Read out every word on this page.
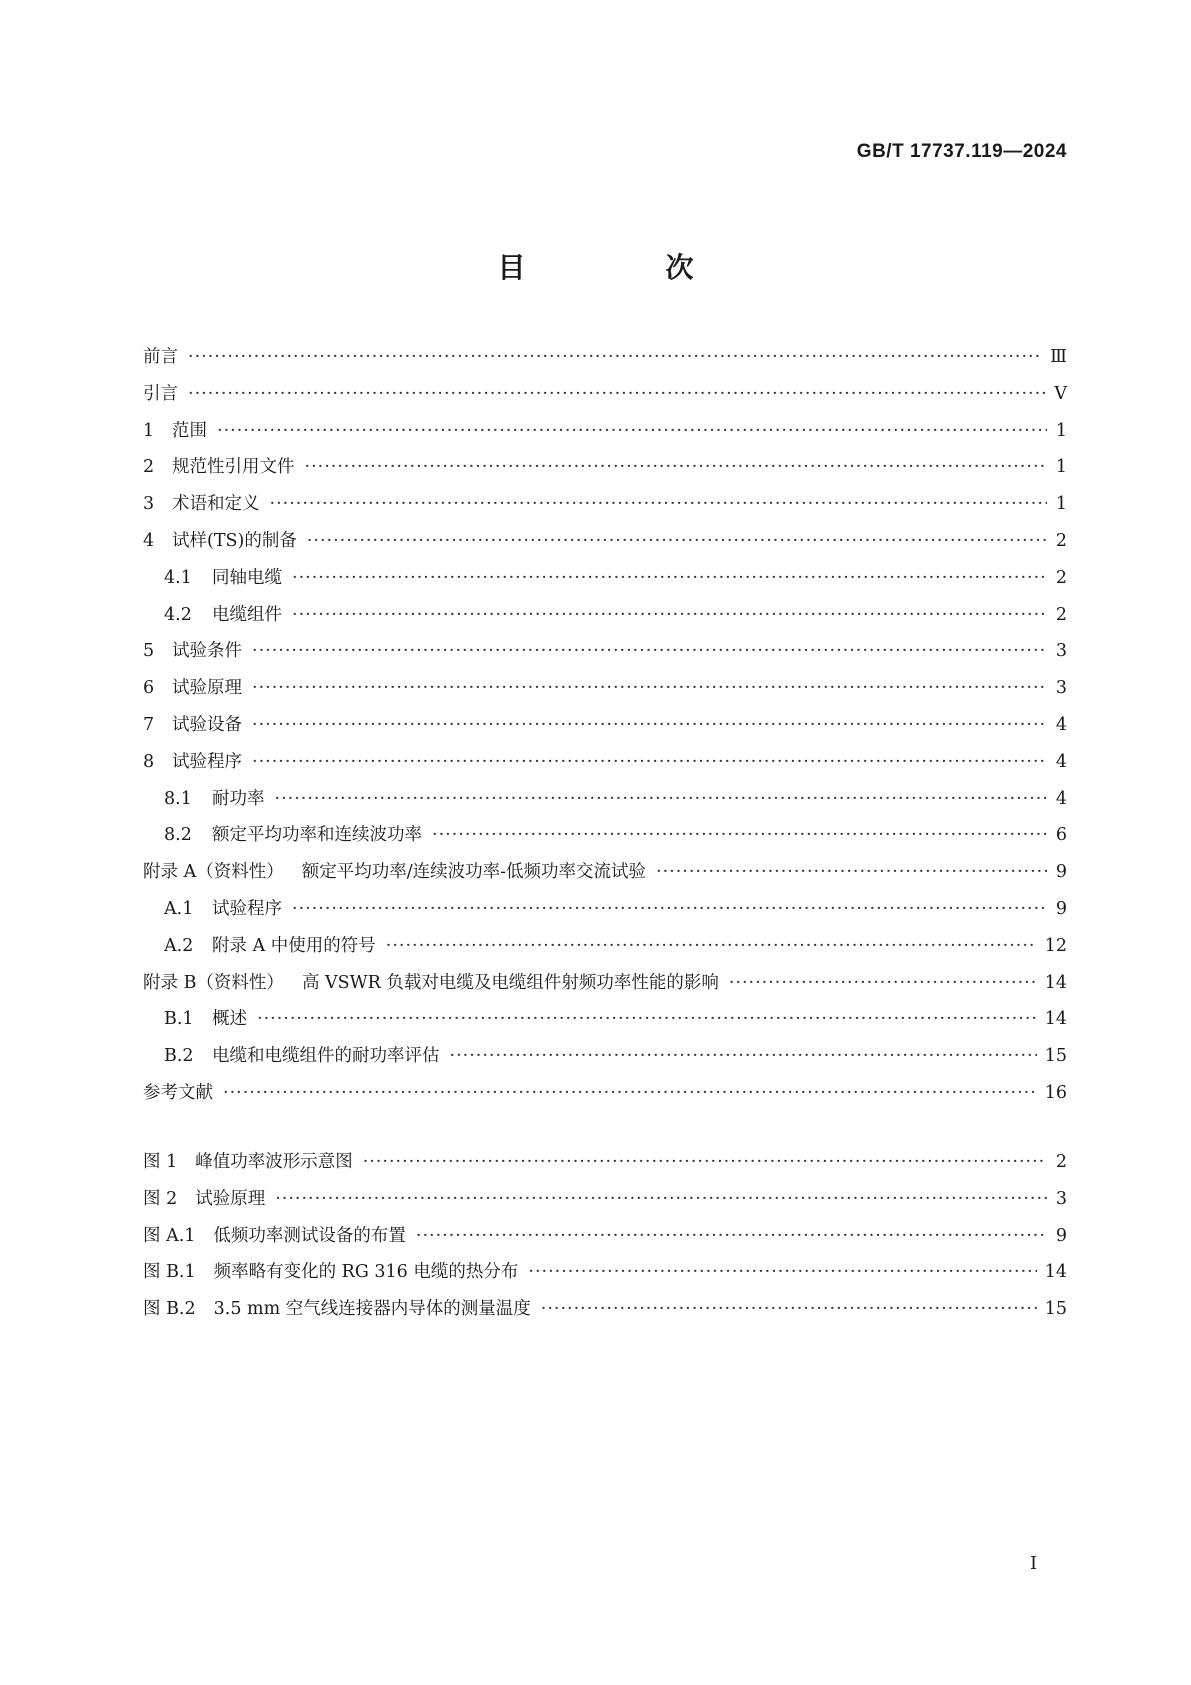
GB/T 17737.119—2024
目　次
前言 ·····	Ⅲ
引言 ·····	Ⅴ
1	范围 ·····	1
2	规范性引用文件 ·····	1
3	术语和定义 ·····	1
4	试样(TS)的制备 ·····	2
4.1	同轴电缆 ·····	2
4.2	电缆组件 ·····	2
5	试验条件 ·····	3
6	试验原理 ·····	3
7	试验设备 ·····	4
8	试验程序 ·····	4
8.1	耐功率 ·····	4
8.2	额定平均功率和连续波功率 ·····	6
附录 A（资料性） 额定平均功率/连续波功率-低频功率交流试验 ·····	9
A.1	试验程序 ·····	9
A.2	附录 A 中使用的符号 ·····	12
附录 B（资料性） 高 VSWR 负载对电缆及电缆组件射频功率性能的影响 ·····	14
B.1	概述 ·····	14
B.2	电缆和电缆组件的耐功率评估 ·····	15
参考文献 ·····	16
图 1 峰值功率波形示意图 ·····	2
图 2 试验原理 ·····	3
图 A.1 低频功率测试设备的布置 ·····	9
图 B.1 频率略有变化的 RG 316 电缆的热分布 ·····	14
图 B.2 3.5 mm 空气线连接器内导体的测量温度 ·····	15
I
